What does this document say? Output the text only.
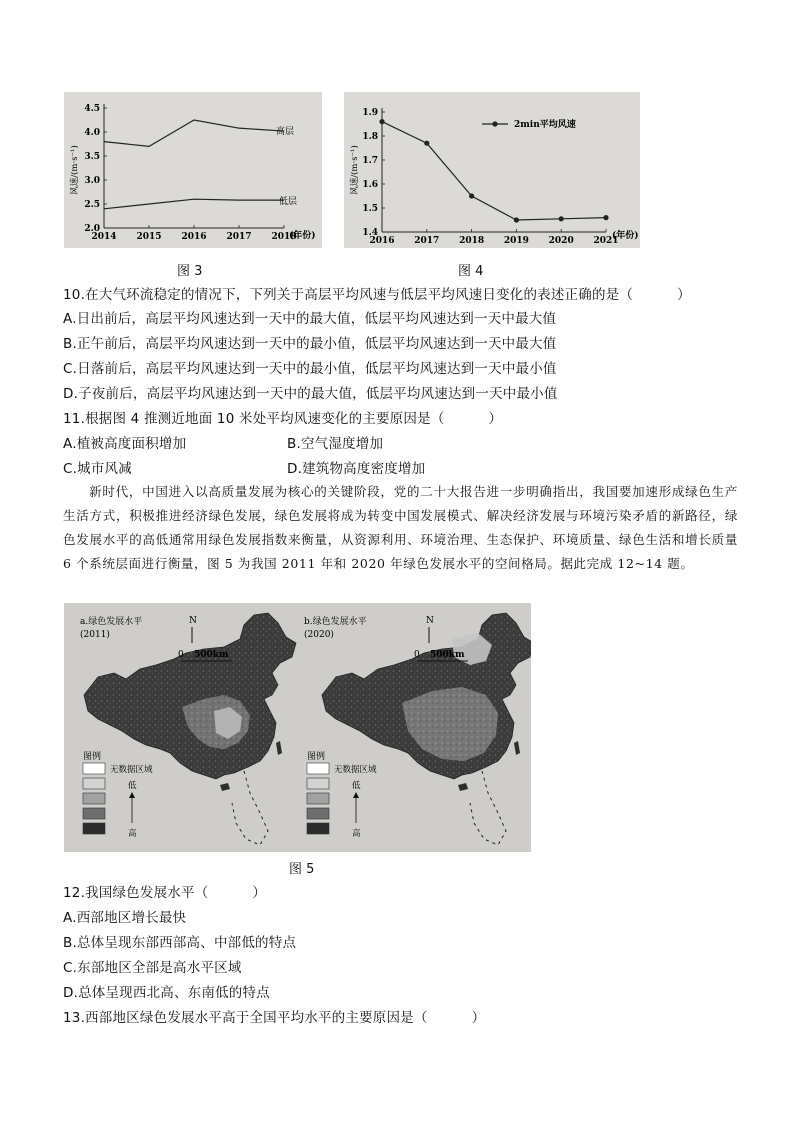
2.0
2.5
3.0
3.5
4.0
4.5
2014 2015 2016 2017 2018
风速/(m·s⁻¹)
(年份)
高层
低层
图 3
1.4
1.5
1.6
1.7
1.8
1.9
2016 2017 2018 2019 2020 2021
风速/(m·s⁻¹)
(年份)
2min平均风速
图 4
10.在大气环流稳定的情况下，下列关于高层平均风速与低层平均风速日变化的表述正确的是（	）
A.日出前后，高层平均风速达到一天中的最大值，低层平均风速达到一天中最大值
B.正午前后，高层平均风速达到一天中的最小值，低层平均风速达到一天中最大值
C.日落前后，高层平均风速达到一天中的最小值，低层平均风速达到一天中最小值
D.子夜前后，高层平均风速达到一天中的最大值，低层平均风速达到一天中最小值
11.根据图 4 推测近地面 10 米处平均风速变化的主要原因是（	）
A.植被高度面积增加	B.空气湿度增加
C.城市风减	D.建筑物高度密度增加
新时代，中国进入以高质量发展为核心的关键阶段，党的二十大报告进一步明确指出，我国要加速形成绿色生产生活方式，积极推进经济绿色发展，绿色发展将成为转变中国发展模式、解决经济发展与环境污染矛盾的新路径，绿色发展水平的高低通常用绿色发展指数来衡量，从资源利用、环境治理、生态保护、环境质量、绿色生活和增长质量 6 个系统层面进行衡量，图 5 为我国 2011 年和 2020 年绿色发展水平的空间格局。据此完成 12~14 题。
a.绿色发展水平
(2011)
N
0 500km
图例
无数据区域
低
高
b.绿色发展水平
(2020)
N
0 500km
图例
无数据区域
低
高
图 5
12.我国绿色发展水平（	）
A.西部地区增长最快
B.总体呈现东部西部高、中部低的特点
C.东部地区全部是高水平区域
D.总体呈现西北高、东南低的特点
13.西部地区绿色发展水平高于全国平均水平的主要原因是（	）
